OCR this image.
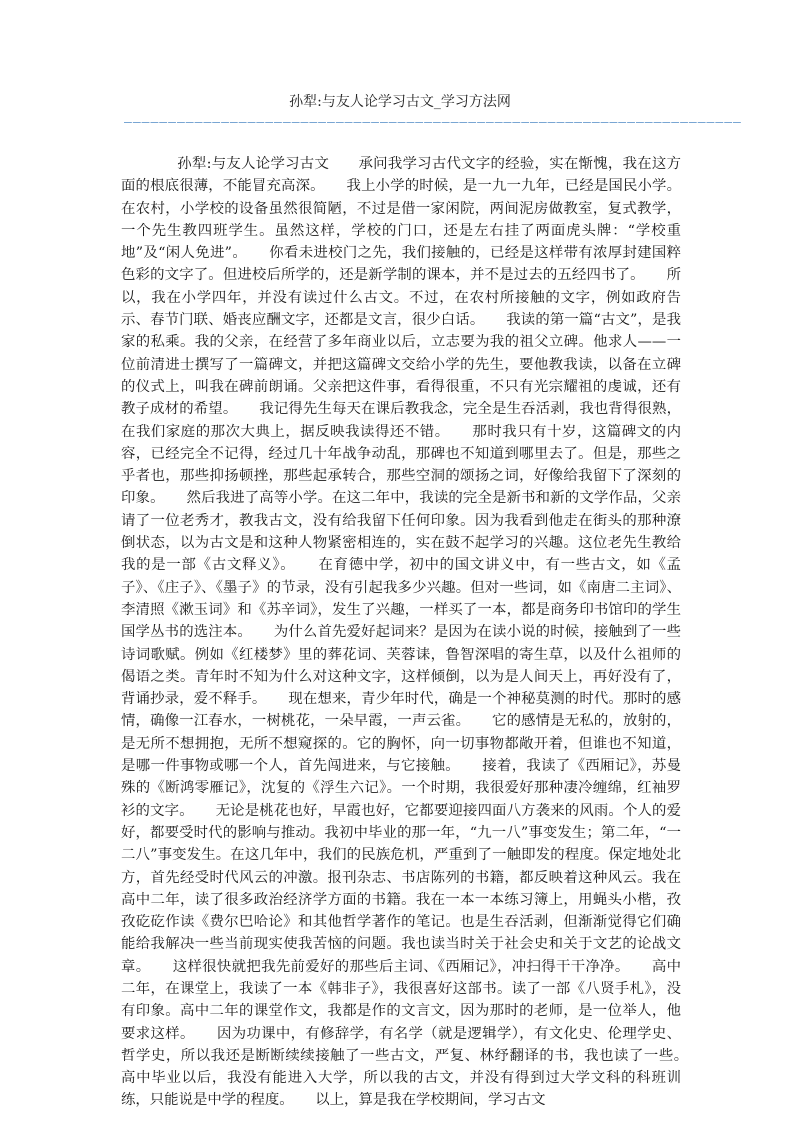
孙犁:与友人论学习古文_学习方法网
——————————————————————————————————————————————————————————————————————

孙犁:与友人论学习古文　　承问我学习古代文字的经验，实在惭愧，我在这方面的根底很薄，不能冒充高深。　　我上小学的时候，是一九一九年，已经是国民小学。在农村，小学校的设备虽然很简陋，不过是借一家闲院，两间泥房做教室，复式教学，一个先生教四班学生。虽然这样，学校的门口，还是左右挂了两面虎头牌：“学校重地”及“闲人免进”。　　你看未进校门之先，我们接触的，已经是这样带有浓厚封建国粹色彩的文字了。但进校后所学的，还是新学制的课本，并不是过去的五经四书了。　　所以，我在小学四年，并没有读过什么古文。不过，在农村所接触的文字，例如政府告示、春节门联、婚丧应酬文字，还都是文言，很少白话。　　我读的第一篇“古文”，是我家的私乘。我的父亲，在经营了多年商业以后，立志要为我的祖父立碑。他求人——一位前清进士撰写了一篇碑文，并把这篇碑文交给小学的先生，要他教我读，以备在立碑的仪式上，叫我在碑前朗诵。父亲把这件事，看得很重，不只有光宗耀祖的虔诚，还有教子成材的希望。　　我记得先生每天在课后教我念，完全是生吞活剥，我也背得很熟，在我们家庭的那次大典上，据反映我读得还不错。　　那时我只有十岁，这篇碑文的内容，已经完全不记得，经过几十年战争动乱，那碑也不知道到哪里去了。但是，那些之乎者也，那些抑扬顿挫，那些起承转合，那些空洞的颂扬之词，好像给我留下了深刻的印象。　　然后我进了高等小学。在这二年中，我读的完全是新书和新的文学作品，父亲请了一位老秀才，教我古文，没有给我留下任何印象。因为我看到他走在街头的那种潦倒状态，以为古文是和这种人物紧密相连的，实在鼓不起学习的兴趣。这位老先生教给我的是一部《古文释义》。　　在育德中学，初中的国文讲义中，有一些古文，如《孟子》、《庄子》、《墨子》的节录，没有引起我多少兴趣。但对一些词，如《南唐二主词》、李清照《漱玉词》和《苏辛词》，发生了兴趣，一样买了一本，都是商务印书馆印的学生国学丛书的选注本。　　为什么首先爱好起词来？是因为在读小说的时候，接触到了一些诗词歌赋。例如《红楼梦》里的葬花词、芙蓉诔，鲁智深唱的寄生草，以及什么祖师的偈语之类。青年时不知为什么对这种文字，这样倾倒，以为是人间天上，再好没有了，背诵抄录，爱不释手。　　现在想来，青少年时代，确是一个神秘莫测的时代。那时的感情，确像一江春水，一树桃花，一朵早霞，一声云雀。　　它的感情是无私的，放射的，是无所不想拥抱，无所不想窥探的。它的胸怀，向一切事物都敞开着，但谁也不知道，是哪一件事物或哪一个人，首先闯进来，与它接触。　　接着，我读了《西厢记》，苏曼殊的《断鸿零雁记》，沈复的《浮生六记》。一个时期，我很爱好那种凄冷缠绵，红袖罗衫的文字。　　无论是桃花也好，早霞也好，它都要迎接四面八方袭来的风雨。个人的爱好，都要受时代的影响与推动。我初中毕业的那一年，“九一八”事变发生；第二年，“一二八”事变发生。在这几年中，我们的民族危机，严重到了一触即发的程度。保定地处北方，首先经受时代风云的冲激。报刊杂志、书店陈列的书籍，都反映着这种风云。我在高中二年，读了很多政治经济学方面的书籍。我在一本一本练习簿上，用蝇头小楷，孜孜矻矻作读《费尔巴哈论》和其他哲学著作的笔记。也是生吞活剥，但渐渐觉得它们确能给我解决一些当前现实使我苦恼的问题。我也读当时关于社会史和关于文艺的论战文章。　　这样很快就把我先前爱好的那些后主词、《西厢记》，冲扫得干干净净。　　高中二年，在课堂上，我读了一本《韩非子》，我很喜好这部书。读了一部《八贤手札》，没有印象。高中二年的课堂作文，我都是作的文言文，因为那时的老师，是一位举人，他要求这样。　　因为功课中，有修辞学，有名学（就是逻辑学），有文化史、伦理学史、哲学史，所以我还是断断续续接触了一些古文，严复、林纾翻译的书，我也读了一些。　　高中毕业以后，我没有能进入大学，所以我的古文，并没有得到过大学文科的科班训练，只能说是中学的程度。　　以上，算是我在学校期间，学习古文
